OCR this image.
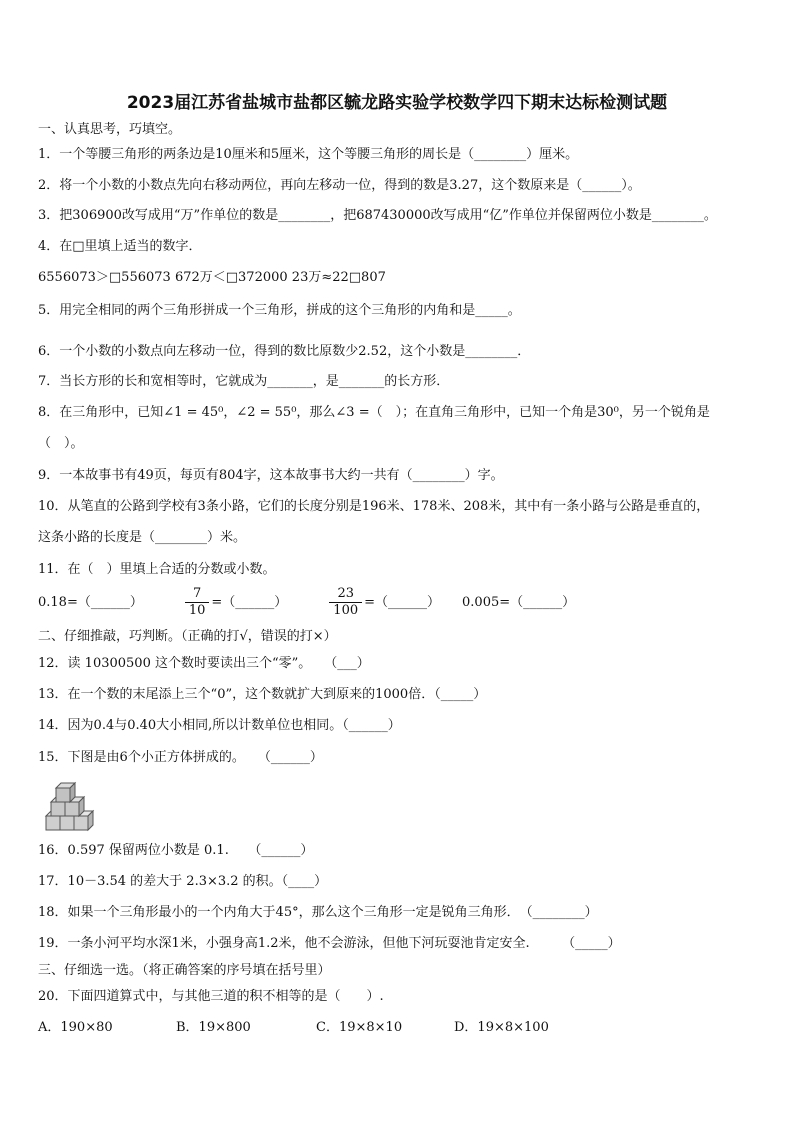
2023届江苏省盐城市盐都区毓龙路实验学校数学四下期末达标检测试题
一、认真思考，巧填空。
1．一个等腰三角形的两条边是10厘米和5厘米，这个等腰三角形的周长是（________）厘米。
2．将一个小数的小数点先向右移动两位，再向左移动一位，得到的数是3.27，这个数原来是（______）。
3．把306900改写成用“万”作单位的数是________，把687430000改写成用“亿”作单位并保留两位小数是________。
4．在□里填上适当的数字．
6556073＞□556073 672万＜□372000 23万≈22□807
5．用完全相同的两个三角形拼成一个三角形，拼成的这个三角形的内角和是_____。
6．一个小数的小数点向左移动一位，得到的数比原数少2.52，这个小数是________．
7．当长方形的长和宽相等时，它就成为_______，是_______的长方形．
8．在三角形中，已知∠1 = 45⁰，∠2 = 55⁰，那么∠3 =（　）；在直角三角形中，已知一个角是30⁰，另一个锐角是
（　）。
9．一本故事书有49页，每页有804字，这本故事书大约一共有（________）字。
10．从笔直的公路到学校有3条小路，它们的长度分别是196米、178米、208米，其中有一条小路与公路是垂直的，
这条小路的长度是（________）米。
11．在（　）里填上合适的分数或小数。
0.18=（______）	$\frac{7}{10}$ =（______）	$\frac{23}{100}$ =（______） 0.005=（______）
二、仔细推敲，巧判断。（正确的打√，错误的打×）
12．读 10300500 这个数时要读出三个“零”。　　（___）
13．在一个数的末尾添上三个“0”，这个数就扩大到原来的1000倍．（_____）
14．因为0.4与0.40大小相同,所以计数单位也相同。（______）
15．下图是由6个小正方体拼成的。　　（______）
16．0.597 保留两位小数是 0.1.　　（______）
17．10－3.54 的差大于 2.3×3.2 的积。（____）
18．如果一个三角形最小的一个内角大于45°，那么这个三角形一定是锐角三角形．　（________）
19．一条小河平均水深1米，小强身高1.2米，他不会游泳，但他下河玩耍池肯定安全.　　　（_____）
三、仔细选一选。（将正确答案的序号填在括号里）
20．下面四道算式中，与其他三道的积不相等的是（　　）.
A．190×80	B．19×800	C．19×8×10	D．19×8×100
